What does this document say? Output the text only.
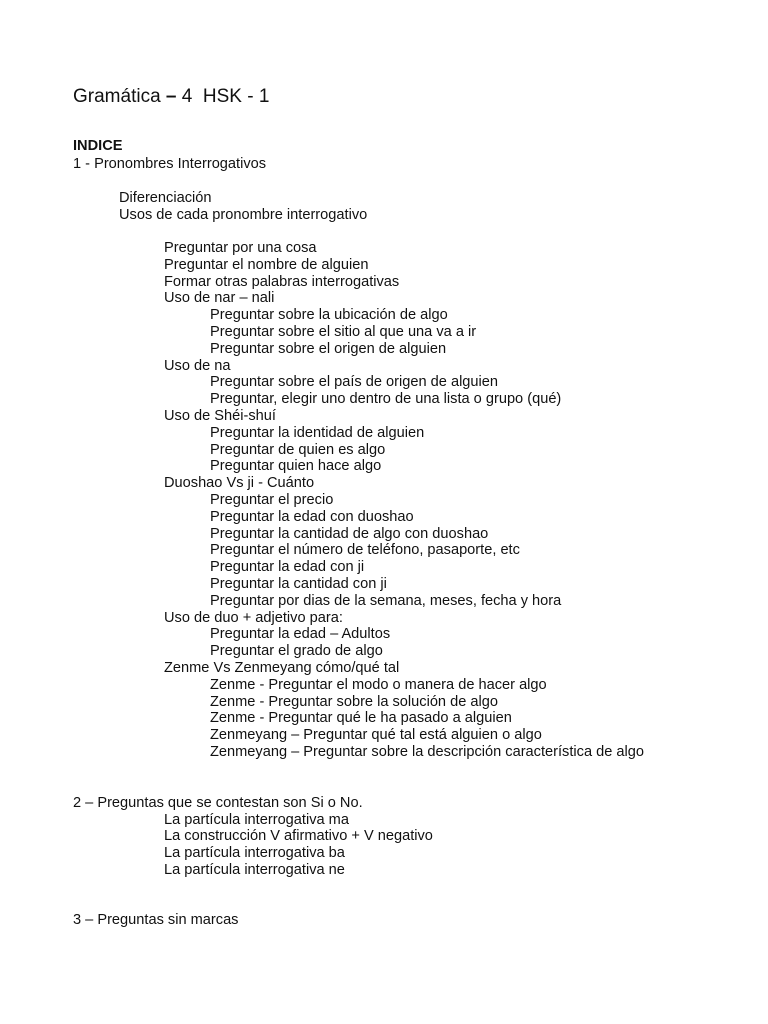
Gramática – 4  HSK - 1
INDICE
1 - Pronombres Interrogativos
Diferenciación
Usos de cada pronombre interrogativo
Preguntar por una cosa
Preguntar el nombre de alguien
Formar otras palabras interrogativas
Uso de nar – nali
Preguntar sobre la ubicación de algo
Preguntar sobre el sitio al que una va a ir
Preguntar sobre el origen de alguien
Uso de na
Preguntar sobre el país de origen de alguien
Preguntar, elegir uno dentro de una lista o grupo (qué)
Uso de Shéi-shuí
Preguntar la identidad de alguien
Preguntar de quien es algo
Preguntar quien hace algo
Duoshao Vs ji - Cuánto
Preguntar el precio
Preguntar la edad con duoshao
Preguntar la cantidad de algo con duoshao
Preguntar el número de teléfono, pasaporte, etc
Preguntar la edad con ji
Preguntar la cantidad con ji
Preguntar por dias de la semana, meses, fecha y hora
Uso de duo + adjetivo para:
Preguntar la edad – Adultos
Preguntar el grado de algo
Zenme Vs Zenmeyang cómo/qué tal
Zenme - Preguntar el modo o manera de hacer algo
Zenme - Preguntar sobre la solución de algo
Zenme - Preguntar qué le ha pasado a alguien
Zenmeyang – Preguntar qué tal está alguien o algo
Zenmeyang – Preguntar sobre la descripción característica de algo
2 – Preguntas que se contestan son Si o No.
La partícula interrogativa ma
La construcción V afirmativo + V negativo
La partícula interrogativa ba
La partícula interrogativa ne
3 – Preguntas sin marcas
